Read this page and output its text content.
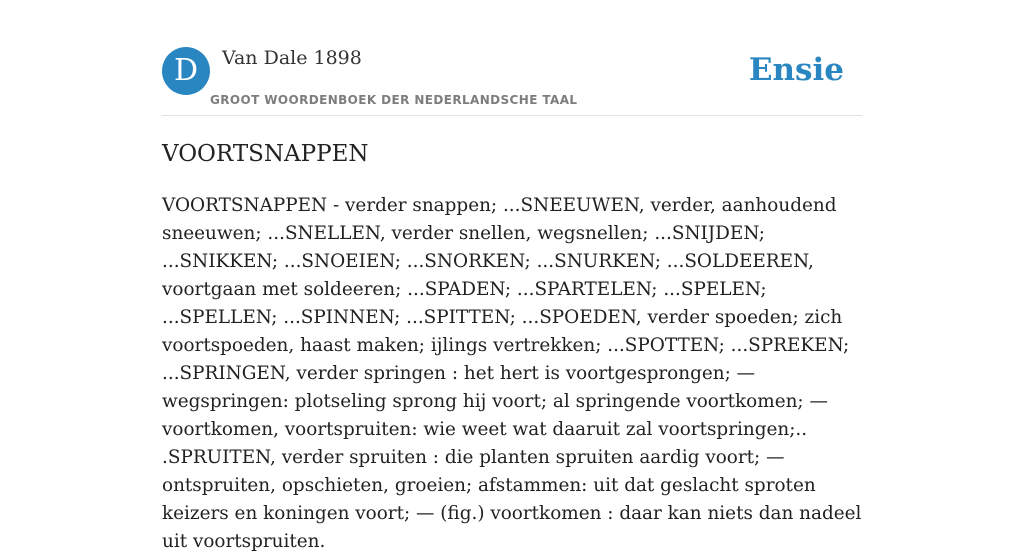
D	Van Dale 1898
GROOT WOORDENBOEK DER NEDERLANDSCHE TAAL
Ensie
VOORTSNAPPEN

VOORTSNAPPEN - verder snappen; ...SNEEUWEN, verder, aanhoudend sneeuwen; ...SNELLEN, verder snellen, wegsnellen; ...SNIJDEN; ...SNIKKEN; ...SNOEIEN; ...SNORKEN; ...SNURKEN; ...SOLDEEREN, voortgaan met soldeeren; ...SPADEN; ...SPARTELEN; ...SPELEN; ...SPELLEN; ...SPINNEN; ...SPITTEN; ...SPOEDEN, verder spoeden; zich voortspoeden, haast maken; ijlings vertrekken; ...SPOTTEN; ...SPREKEN; ...SPRINGEN, verder springen : het hert is voortgesprongen; — wegspringen: plotseling sprong hij voort; al springende voortkomen; — voortkomen, voortspruiten: wie weet wat daaruit zal voortspringen;.. .SPRUITEN, verder spruiten : die planten spruiten aardig voort; — ontspruiten, opschieten, groeien; afstammen: uit dat geslacht sproten keizers en koningen voort; — (fig.) voortkomen : daar kan niets dan nadeel uit voortspruiten.
